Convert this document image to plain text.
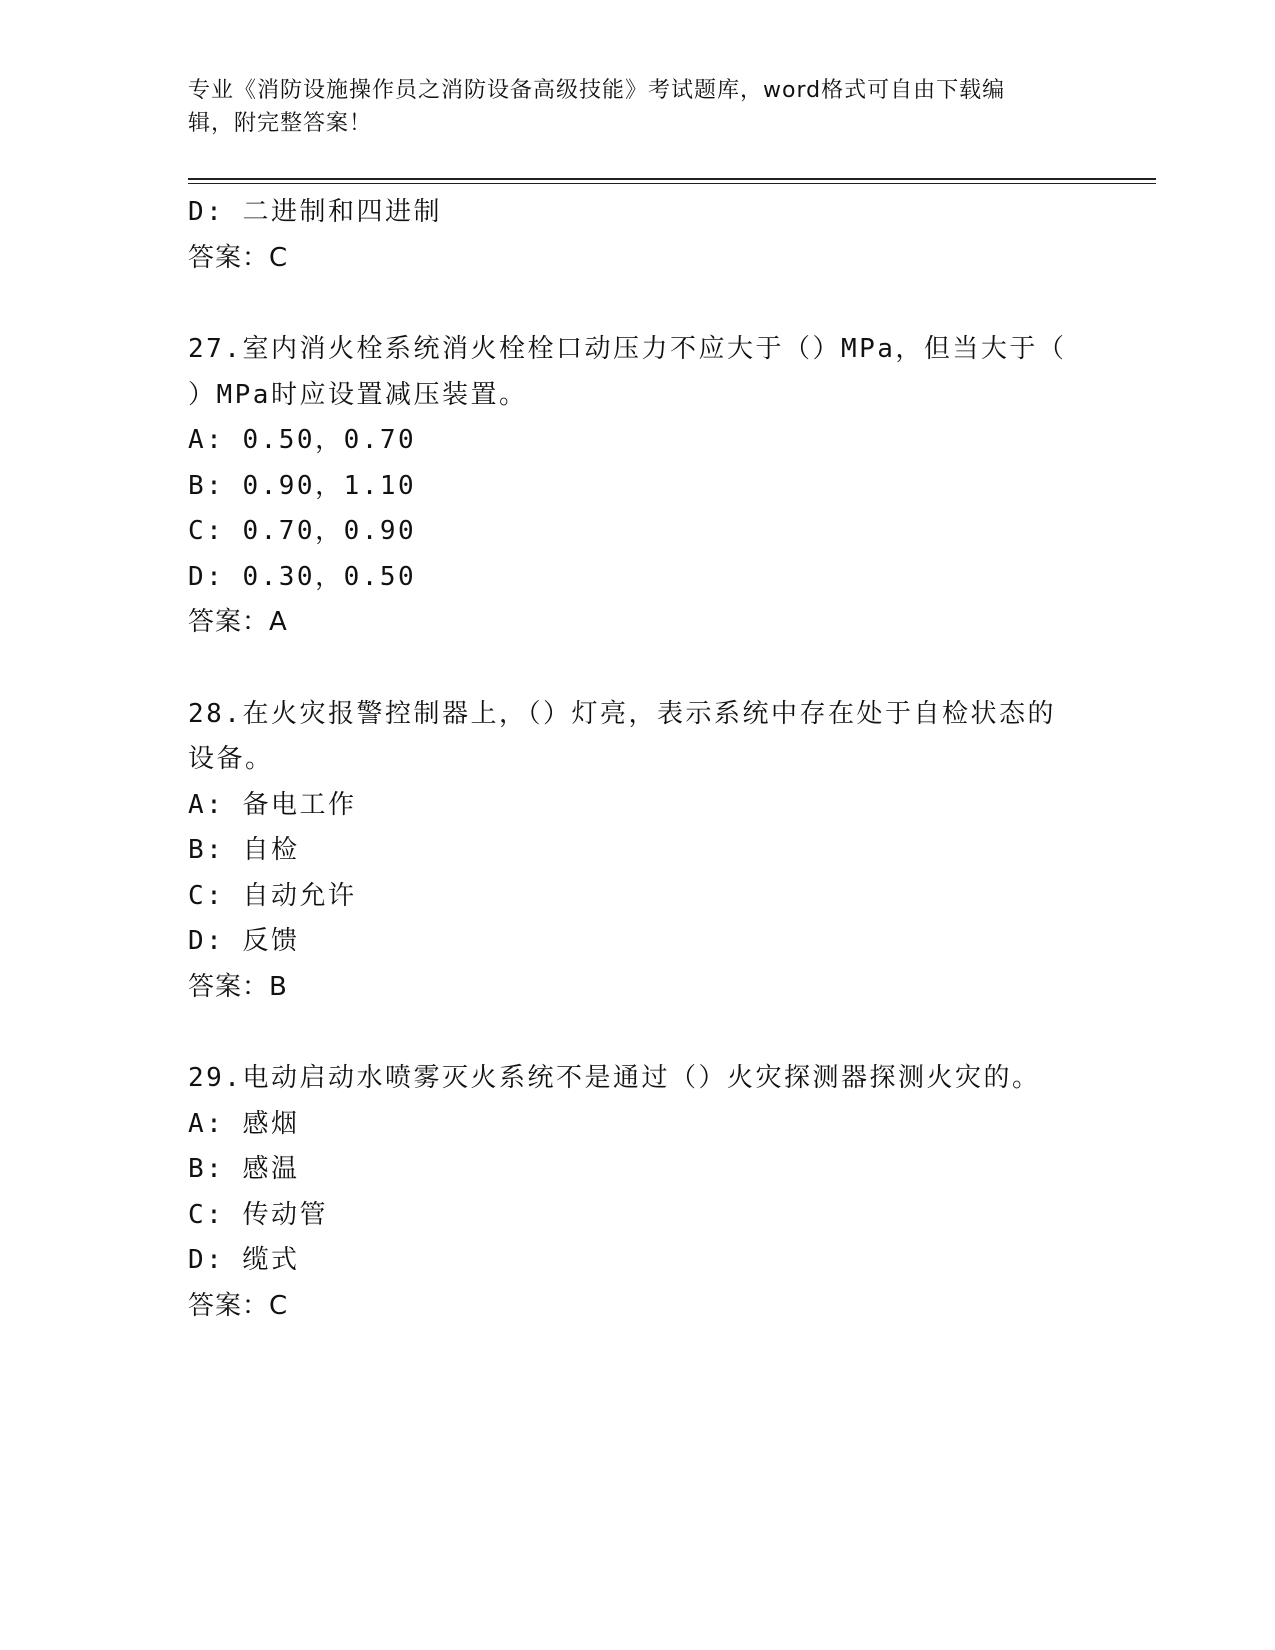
专业《消防设施操作员之消防设备高级技能》考试题库，word格式可自由下载编

辑，附完整答案！

D: 二进制和四进制
答案：C
27.室内消火栓系统消火栓栓口动压力不应大于（）MPa，但当大于（
）MPa时应设置减压装置。
A: 0.50，0.70
B: 0.90，1.10
C: 0.70，0.90
D: 0.30，0.50
答案：A
28.在火灾报警控制器上，（）灯亮，表示系统中存在处于自检状态的
设备。
A: 备电工作
B: 自检
C: 自动允许
D: 反馈
答案：B
29.电动启动水喷雾灭火系统不是通过（）火灾探测器探测火灾的。
A: 感烟
B: 感温
C: 传动管
D: 缆式
答案：C
